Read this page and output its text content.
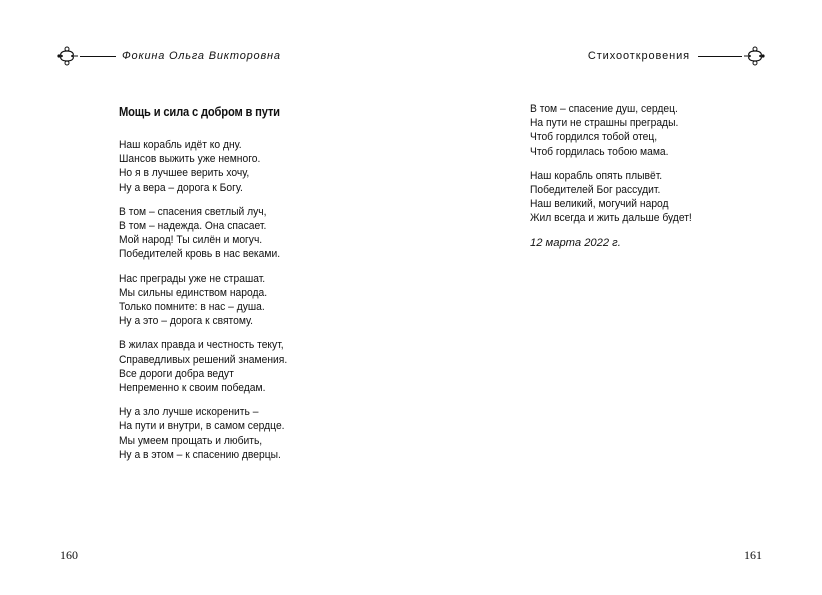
Фокина Ольга Викторовна
Мощь и сила с добром в пути
Наш корабль идёт ко дну.
Шансов выжить уже немного.
Но я в лучшее верить хочу,
Ну а вера – дорога к Богу.
В том – спасения светлый луч,
В том – надежда. Она спасает.
Мой народ! Ты силён и могуч.
Победителей кровь в нас веками.
Нас преграды уже не страшат.
Мы сильны единством народа.
Только помните: в нас – душа.
Ну а это – дорога к святому.
В жилах правда и честность текут,
Справедливых решений знамения.
Все дороги добра ведут
Непременно к своим победам.
Ну а зло лучше искоренить –
На пути и внутри, в самом сердце.
Мы умеем прощать и любить,
Ну а в этом – к спасению дверцы.
160
Стихооткровения
В том – спасение душ, сердец.
На пути не страшны преграды.
Чтоб гордился тобой отец,
Чтоб гордилась тобою мама.
Наш корабль опять плывёт.
Победителей Бог рассудит.
Наш великий, могучий народ
Жил всегда и жить дальше будет!
12 марта 2022 г.
161
